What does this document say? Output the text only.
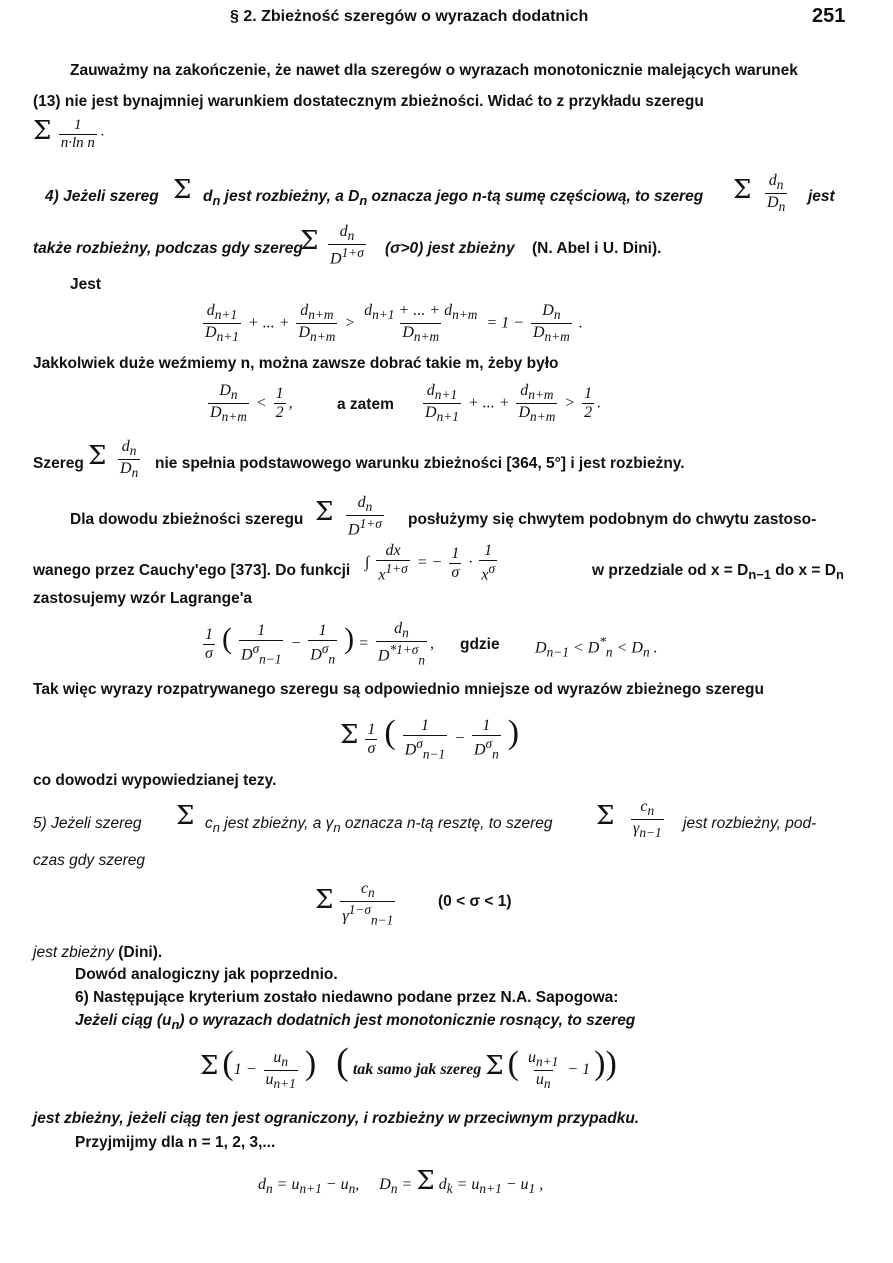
§ 2. Zbieżność szeregów o wyrazach dodatnich	251
Zauważmy na zakończenie, że nawet dla szeregów o wyrazach monotonicznie malejących warunek
(13) nie jest bynajmniej warunkiem dostatecznym zbieżności. Widać to z przykładu szeregu
Σ $\frac{1}{\text{n·ln n}}$ ·
4) Jeżeli szereg Σ $d_n$ jest rozbieżny, a $D_n$ oznacza jego n-tą sumę częściową, to szereg Σ $\frac{d_n}{D_n}$ jest
także rozbieżny, podczas gdy szereg
Σ $\frac{d_n}{D^{1+\sigma}} (\sigma>0)$ jest zbieżny (N. Abel i U. Dini).
Jest
$\frac{d_{n+1}}{D_{n+1}}$ + ... + $\frac{d_{n+m}}{D_{n+m}} > \frac{d_{n+1} + ... + d_{n+m}}{D_{n+m}} = 1 - \frac{D_n}{D_{n+m}}$ .
Jakkolwiek duże weźmiemy n, można zawsze dobrać takie m, żeby było
$\frac{D_n}{D_{n+m}} < \frac{1}{2}$ ,	a zatem $\frac{d_{n+1}}{D_{n+1}}$ + ... + $\frac{d_{n+m}}{D_{n+m}} > \frac{1}{2}$ .
Szereg Σ $\frac{d_n}{D_n}$ nie spełnia podstawowego warunku zbieżności [364, 5°] i jest rozbieżny.
Dla dowodu zbieżności szeregu Σ $\frac{d_n}{D^{1+\sigma}}$ posłużymy się chwytem podobnym do chwytu zastoso-
wanego przez Cauchy'ego [373]. Do funkcji ∫ $\frac{dx}{x^{1+\sigma}}$ = − $\frac{1}{\sigma} \cdot \frac{1}{x^\sigma}$	w przedziale od $x = D_{n-1}$ do $x = D_n$
zastosujemy wzór Lagrange'a
$\frac{1}{\sigma}$ ( $\frac{1}{D^\sigma_{n-1}} - \frac{1}{D^\sigma_n}$ ) = $\frac{d_n}{D^{*1+\sigma}_n}$ , gdzie $D_{n-1} < D^*_n < D_n$ .
Tak więc wyrazy rozpatrywanego szeregu są odpowiednio mniejsze od wyrazów zbieżnego szeregu
Σ $\frac{1}{\sigma}$ ( $\frac{1}{D^\sigma_{n-1}} - \frac{1}{D^\sigma_n}$ )
co dowodzi wypowiedzianej tezy.
5) Jeżeli szereg Σ $c_n$ jest zbieżny, a $\gamma_n$ oznacza n-tą resztę, to szereg Σ $\frac{c_n}{\gamma_{n-1}}$ jest rozbieżny, pod-
czas gdy szereg
Σ $\frac{c_n}{\gamma^{1-\sigma}_{n-1}}$	(0 < σ < 1)
jest zbieżny (Dini).
Dowód analogiczny jak poprzednio.
6) Następujące kryterium zostało niedawno podane przez N.A. Sapogowa:
Jeżeli ciąg $(u_n)$ o wyrazach dodatnich jest monotonicznie rosnący, to szereg
Σ ($1 - \frac{u_n}{u_{n+1}}$ ) ( tak samo jak szereg Σ ( $\frac{u_{n+1}}{u_n} - 1$ ))
jest zbieżny, jeżeli ciąg ten jest ograniczony, i rozbieżny w przeciwnym przypadku.
Przyjmijmy dla n = 1, 2, 3,...
$d_n = u_{n+1} - u_n$,     $D_n = \Sigma$ $d_k = u_{n+1} - u_1$ ,
